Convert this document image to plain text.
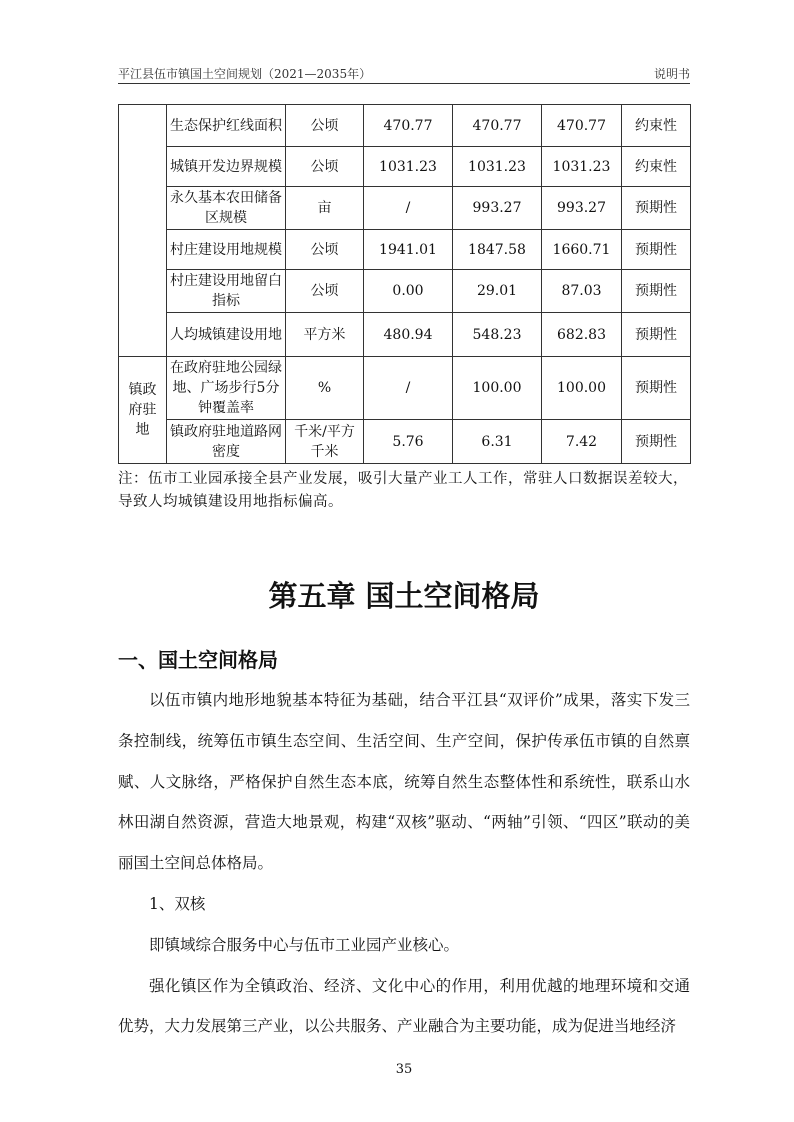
平江县伍市镇国土空间规划（2021—2035年）	说明书
	生态保护红线面积	公顷	470.77	470.77	470.77	约束性
	城镇开发边界规模	公顷	1031.23	1031.23	1031.23	约束性
	永久基本农田储备区规模	亩	/	993.27	993.27	预期性
	村庄建设用地规模	公顷	1941.01	1847.58	1660.71	预期性
	村庄建设用地留白指标	公顷	0.00	29.01	87.03	预期性
	人均城镇建设用地	平方米	480.94	548.23	682.83	预期性
镇政府驻地	在政府驻地公园绿地、广场步行5分钟覆盖率	%	/	100.00	100.00	预期性
	镇政府驻地道路网密度	千米/平方千米	5.76	6.31	7.42	预期性
注：伍市工业园承接全县产业发展，吸引大量产业工人工作，常驻人口数据误差较大，导致人均城镇建设用地指标偏高。
第五章 国土空间格局
一、国土空间格局

以伍市镇内地形地貌基本特征为基础，结合平江县“双评价”成果，落实下发三条控制线，统筹伍市镇生态空间、生活空间、生产空间，保护传承伍市镇的自然禀赋、人文脉络，严格保护自然生态本底，统筹自然生态整体性和系统性，联系山水林田湖自然资源，营造大地景观，构建“双核”驱动、“两轴”引领、“四区”联动的美丽国土空间总体格局。

1、双核

即镇域综合服务中心与伍市工业园产业核心。

强化镇区作为全镇政治、经济、文化中心的作用，利用优越的地理环境和交通优势，大力发展第三产业，以公共服务、产业融合为主要功能，成为促进当地经济

35
